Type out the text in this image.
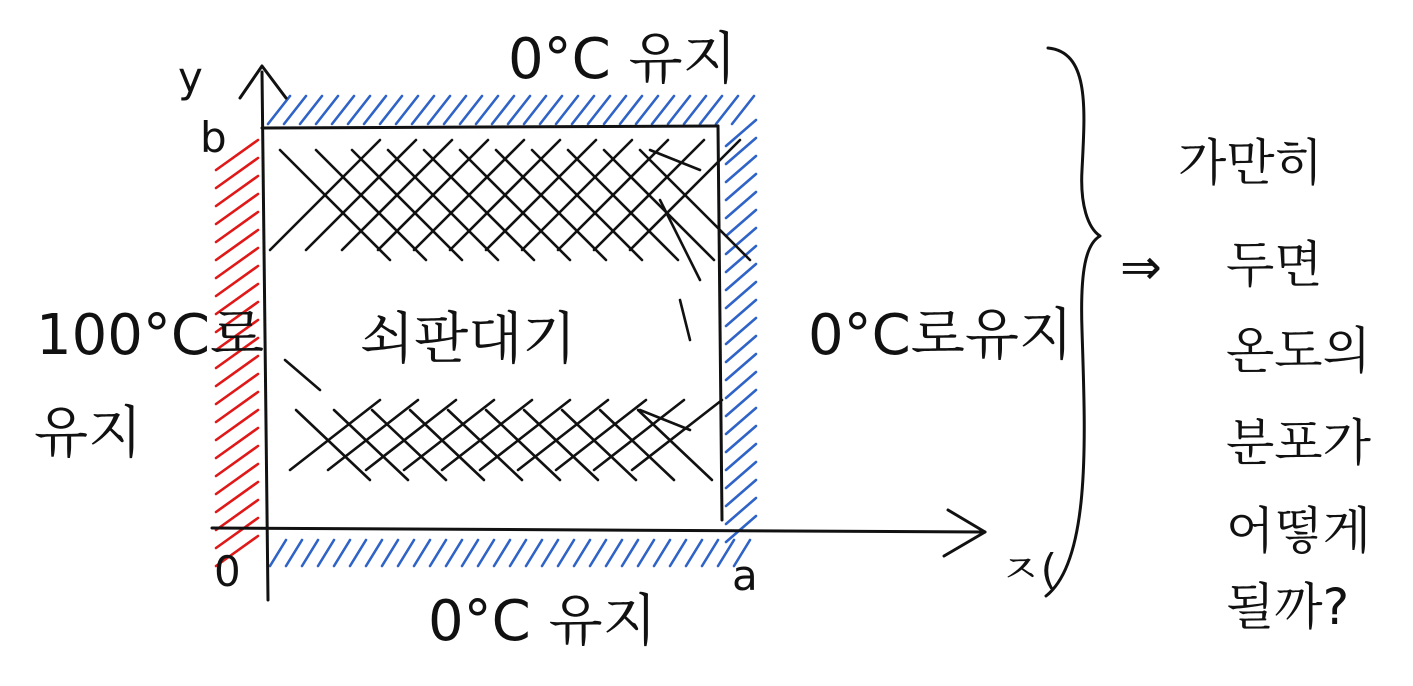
y
b
0	a	ㅈ(
0°C 유지
0°C 유지
0°C로유지
100°C로
유지
쇠판대기
⇒
가만히
두면
온도의
분포가
어떻게
될까?
